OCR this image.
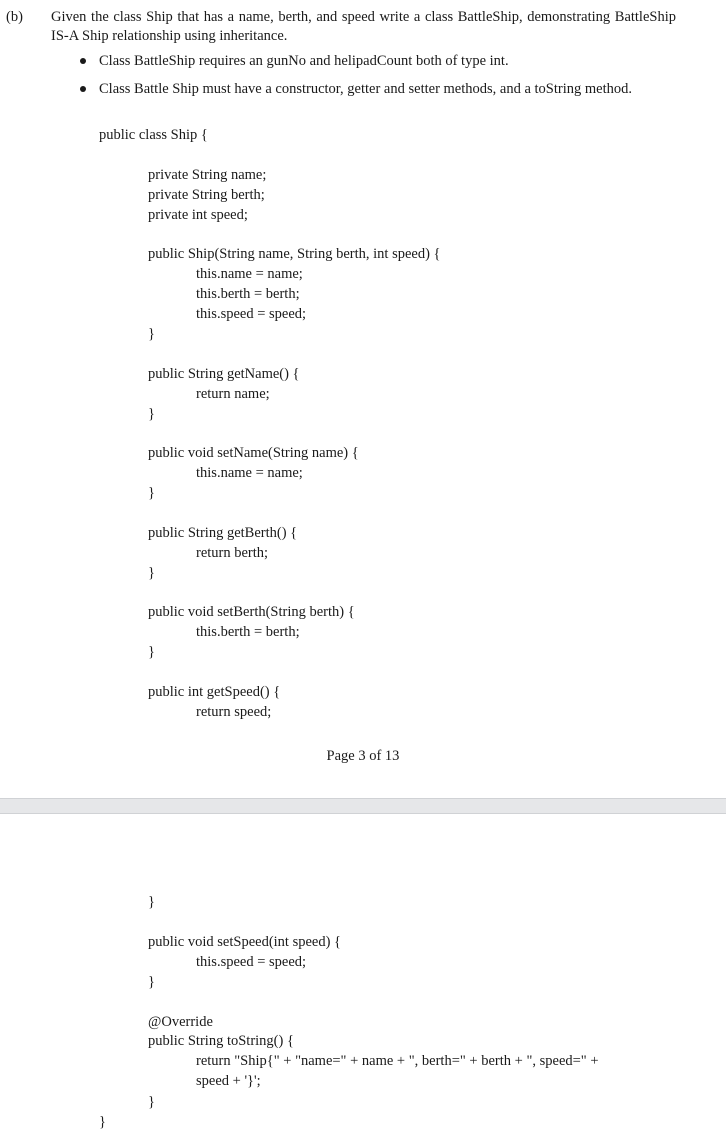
(b) Given the class Ship that has a name, berth, and speed write a class BattleShip, demonstrating BattleShip IS-A Ship relationship using inheritance.
Class BattleShip requires an gunNo and helipadCount both of type int.
Class Battle Ship must have a constructor, getter and setter methods, and a toString method.
public class Ship {
private String name;
private String berth;
private int speed;
public Ship(String name, String berth, int speed) {
this.name = name;
this.berth = berth;
this.speed = speed;
}
public String getName() {
return name;
}
public void setName(String name) {
this.name = name;
}
public String getBerth() {
return berth;
}
public void setBerth(String berth) {
this.berth = berth;
}
public int getSpeed() {
return speed;
Page 3 of 13
}
public void setSpeed(int speed) {
this.speed = speed;
}
@Override
public String toString() {
return "Ship{" + "name=" + name + ", berth=" + berth + ", speed=" +
speed + '}';
}
}
